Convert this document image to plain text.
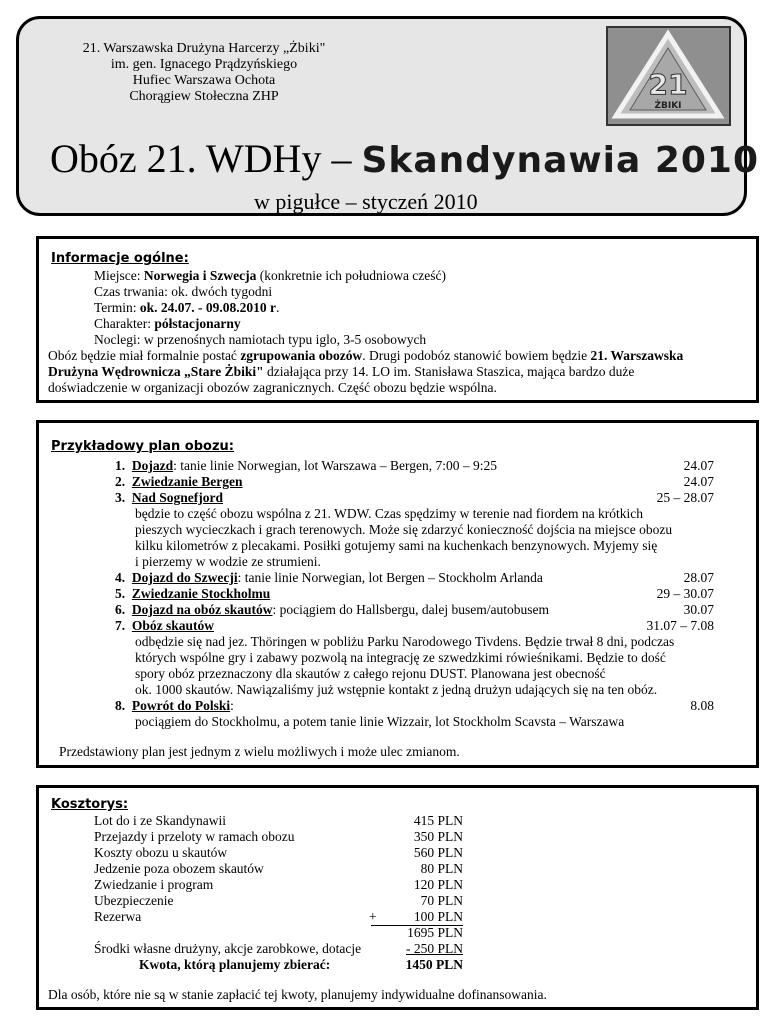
21. Warszawska Drużyna Harcerzy „Żbiki"
im. gen. Ignacego Prądzyńskiego
Hufiec Warszawa Ochota
Chorągiew Stołeczna ZHP	21
ŻBIKI
Obóz 21. WDHy – Skandynawia 2010
w pigułce – styczeń 2010
Informacje ogólne:
Miejsce: Norwegia i Szwecja (konkretnie ich południowa cześć)
Czas trwania: ok. dwóch tygodni
Termin: ok. 24.07. - 09.08.2010 r.
Charakter: półstacjonarny
Noclegi: w przenośnych namiotach typu iglo, 3-5 osobowych
Obóz będzie miał formalnie postać zgrupowania obozów. Drugi podobóz stanowić bowiem będzie 21. Warszawska
Drużyna Wędrownicza „Stare Żbiki" działająca przy 14. LO im. Stanisława Staszica, mająca bardzo duże
doświadczenie w organizacji obozów zagranicznych. Część obozu będzie wspólna.
Przykładowy plan obozu:
1. Dojazd: tanie linie Norwegian, lot Warszawa – Bergen, 7:00 – 9:25	24.07
2. Zwiedzanie Bergen	24.07
3. Nad Sognefjord	25 – 28.07
będzie to część obozu wspólna z 21. WDW. Czas spędzimy w terenie nad fiordem na krótkich
pieszych wycieczkach i grach terenowych. Może się zdarzyć konieczność dojścia na miejsce obozu
kilku kilometrów z plecakami. Posiłki gotujemy sami na kuchenkach benzynowych. Myjemy się
i pierzemy w wodzie ze strumieni.
4. Dojazd do Szwecji: tanie linie Norwegian, lot Bergen – Stockholm Arlanda	28.07
5. Zwiedzanie Stockholmu	29 – 30.07
6. Dojazd na obóz skautów: pociągiem do Hallsbergu, dalej busem/autobusem	30.07
7. Obóz skautów	31.07 – 7.08
odbędzie się nad jez. Thöringen w pobliżu Parku Narodowego Tivdens. Będzie trwał 8 dni, podczas
których wspólne gry i zabawy pozwolą na integrację ze szwedzkimi rówieśnikami. Będzie to dość
spory obóz przeznaczony dla skautów z całego rejonu DUST. Planowana jest obecność
ok. 1000 skautów. Nawiązaliśmy już wstępnie kontakt z jedną drużyn udających się na ten obóz.
8. Powrót do Polski:	8.08
pociągiem do Stockholmu, a potem tanie linie Wizzair, lot Stockholm Scavsta – Warszawa
Przedstawiony plan jest jednym z wielu możliwych i może ulec zmianom.
Kosztorys:
Lot do i ze Skandynawii	415 PLN
Przejazdy i przeloty w ramach obozu	350 PLN
Koszty obozu u skautów	560 PLN
Jedzenie poza obozem skautów	80 PLN
Zwiedzanie i program	120 PLN
Ubezpieczenie	70 PLN
Rezerwa	+	100 PLN
1695 PLN
Środki własne drużyny, akcje zarobkowe, dotacje	- 250 PLN
Kwota, którą planujemy zbierać:	1450 PLN
Dla osób, które nie są w stanie zapłacić tej kwoty, planujemy indywidualne dofinansowania.
